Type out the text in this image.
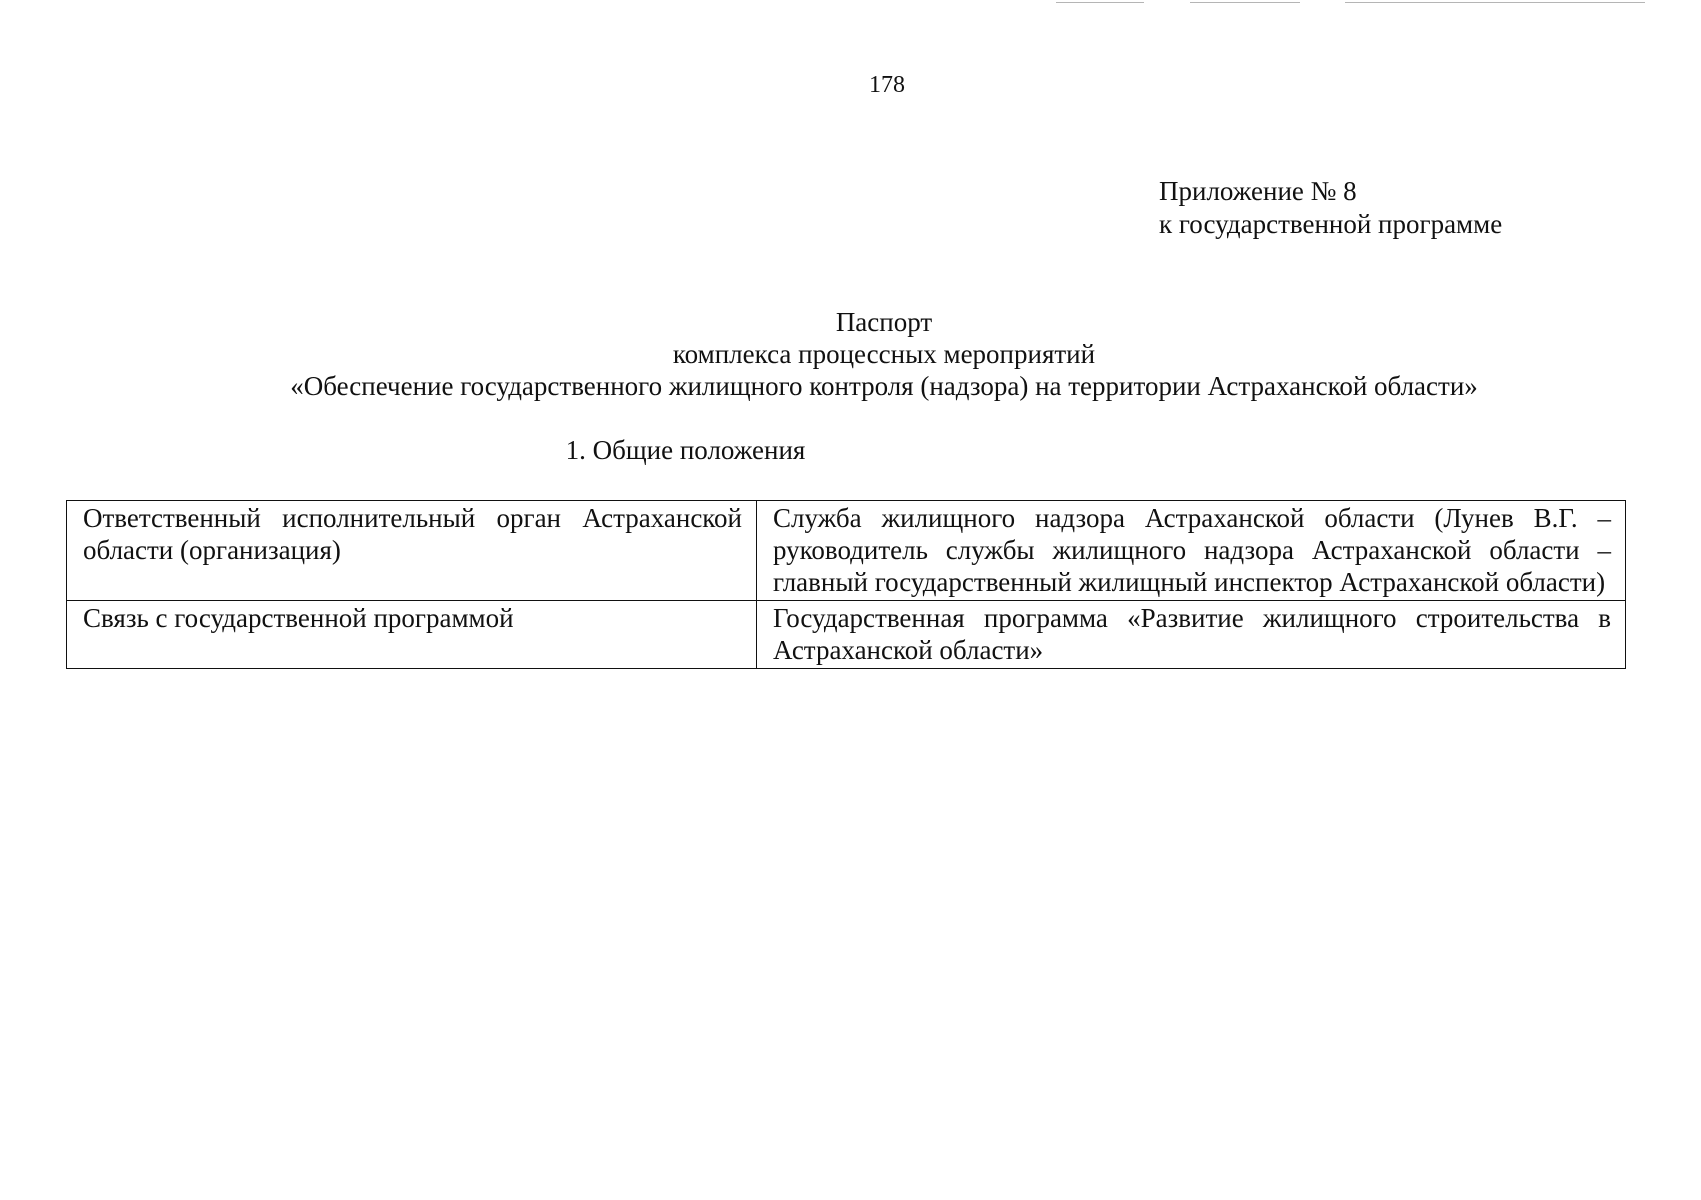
178
Приложение № 8
к государственной программе
Паспорт
комплекса процессных мероприятий
«Обеспечение государственного жилищного контроля (надзора) на территории Астраханской области»
1. Общие положения
Ответственный исполнительный орган Астраханской области (организация)	Служба жилищного надзора Астраханской области (Лунев В.Г. – руководитель службы жилищного надзора Астраханской области – главный государственный жилищный инспектор Астраханской области)
Связь с государственной программой	Государственная программа «Развитие жилищного строительства в Астраханской области»
